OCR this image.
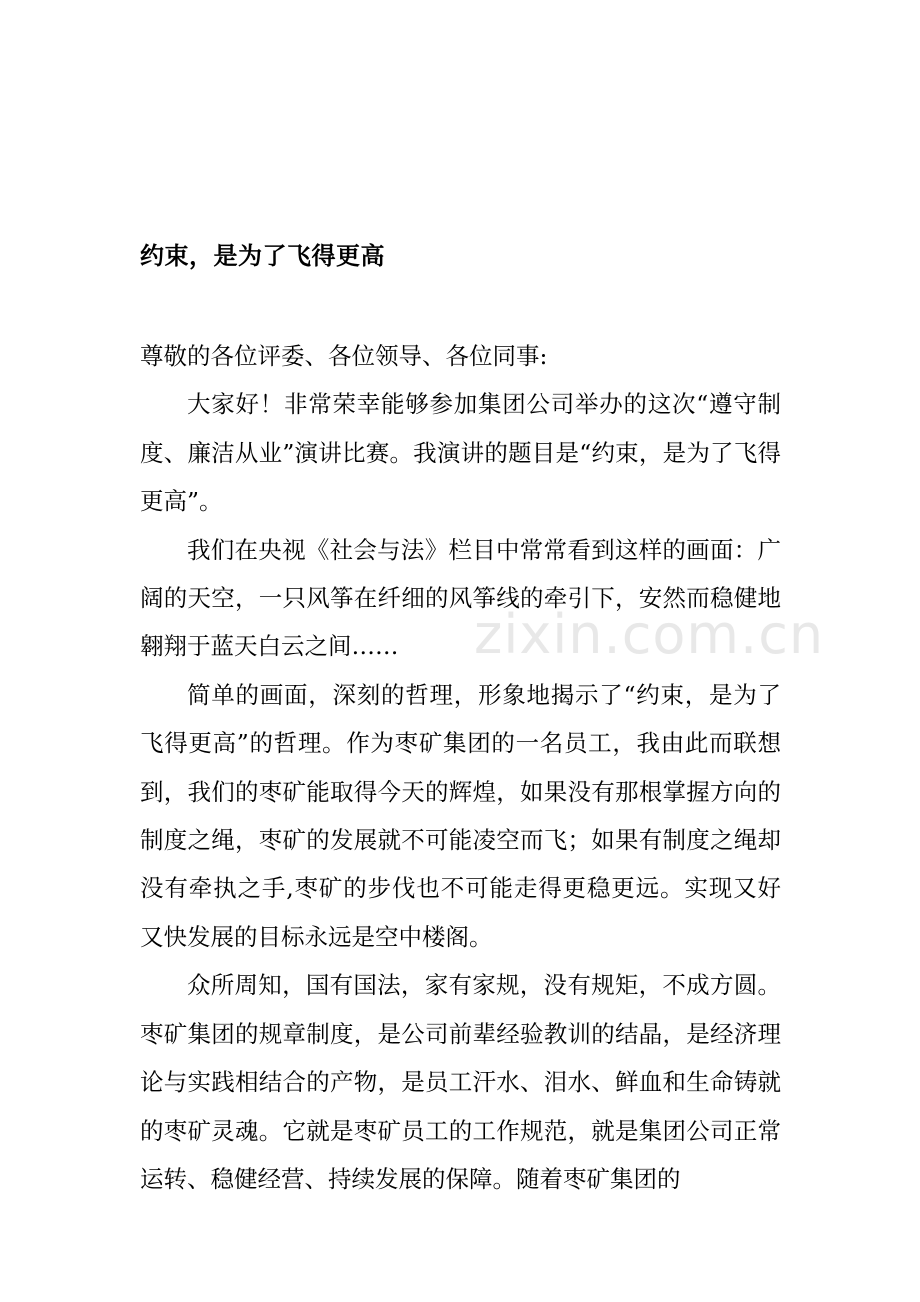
约束，是为了飞得更高

尊敬的各位评委、各位领导、各位同事:

大家好！非常荣幸能够参加集团公司举办的这次“遵守制度、廉洁从业”演讲比赛。我演讲的题目是“约束，是为了飞得更高”。

我们在央视《社会与法》栏目中常常看到这样的画面：广阔的天空，一只风筝在纤细的风筝线的牵引下，安然而稳健地翱翔于蓝天白云之间……

简单的画面，深刻的哲理，形象地揭示了“约束，是为了飞得更高”的哲理。作为枣矿集团的一名员工，我由此而联想到，我们的枣矿能取得今天的辉煌，如果没有那根掌握方向的制度之绳，枣矿的发展就不可能凌空而飞；如果有制度之绳却没有牵执之手,枣矿的步伐也不可能走得更稳更远。实现又好又快发展的目标永远是空中楼阁。

众所周知，国有国法，家有家规，没有规矩，不成方圆。枣矿集团的规章制度，是公司前辈经验教训的结晶，是经济理论与实践相结合的产物，是员工汗水、泪水、鲜血和生命铸就的枣矿灵魂。它就是枣矿员工的工作规范，就是集团公司正常运转、稳健经营、持续发展的保障。随着枣矿集团的

zixin.com.cn
